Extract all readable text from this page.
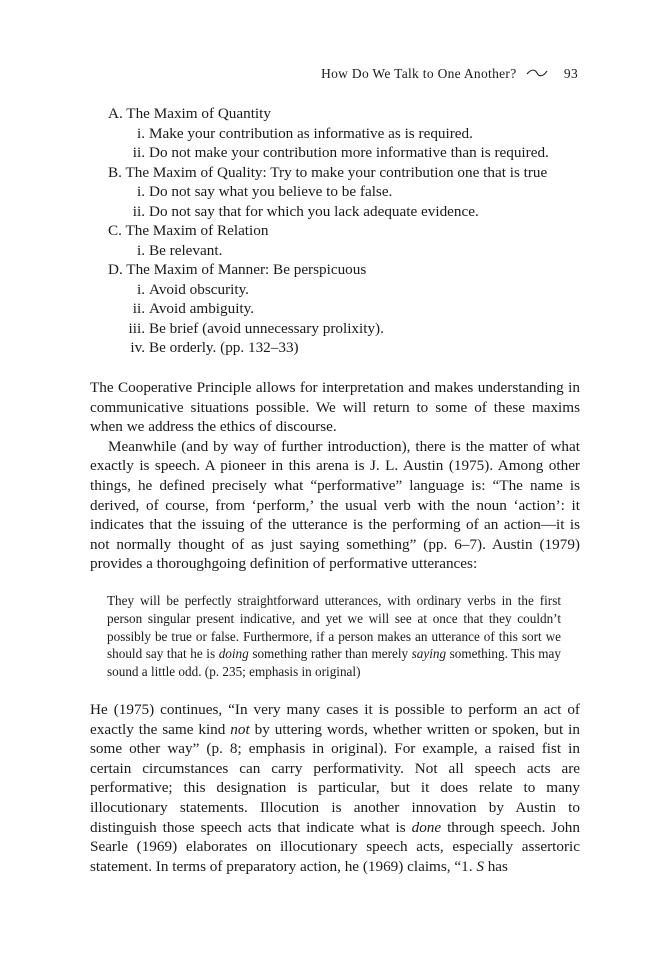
How Do We Talk to One Another?	93
A. The Maxim of Quantity
i. Make your contribution as informative as is required.
ii. Do not make your contribution more informative than is required.
B. The Maxim of Quality: Try to make your contribution one that is true
i. Do not say what you believe to be false.
ii. Do not say that for which you lack adequate evidence.
C. The Maxim of Relation
i. Be relevant.
D. The Maxim of Manner: Be perspicuous
i. Avoid obscurity.
ii. Avoid ambiguity.
iii. Be brief (avoid unnecessary prolixity).
iv. Be orderly. (pp. 132–33)

The Cooperative Principle allows for interpretation and makes understanding in communicative situations possible. We will return to some of these maxims when we address the ethics of discourse.

Meanwhile (and by way of further introduction), there is the matter of what exactly is speech. A pioneer in this arena is J. L. Austin (1975). Among other things, he defined precisely what “performative” language is: “The name is derived, of course, from ‘perform,’ the usual verb with the noun ‘action’: it indicates that the issuing of the utterance is the performing of an action—it is not normally thought of as just saying something” (pp. 6–7). Austin (1979) provides a thoroughgoing definition of performative utterances:

They will be perfectly straightforward utterances, with ordinary verbs in the first person singular present indicative, and yet we will see at once that they couldn’t possibly be true or false. Furthermore, if a person makes an utterance of this sort we should say that he is doing something rather than merely saying something. This may sound a little odd. (p. 235; emphasis in original)

He (1975) continues, “In very many cases it is possible to perform an act of exactly the same kind not by uttering words, whether written or spoken, but in some other way” (p. 8; emphasis in original). For example, a raised fist in certain circumstances can carry performativity. Not all speech acts are performative; this designation is particular, but it does relate to many illocutionary statements. Illocution is another innovation by Austin to distinguish those speech acts that indicate what is done through speech. John Searle (1969) elaborates on illocutionary speech acts, especially assertoric statement. In terms of preparatory action, he (1969) claims, “1. S has
